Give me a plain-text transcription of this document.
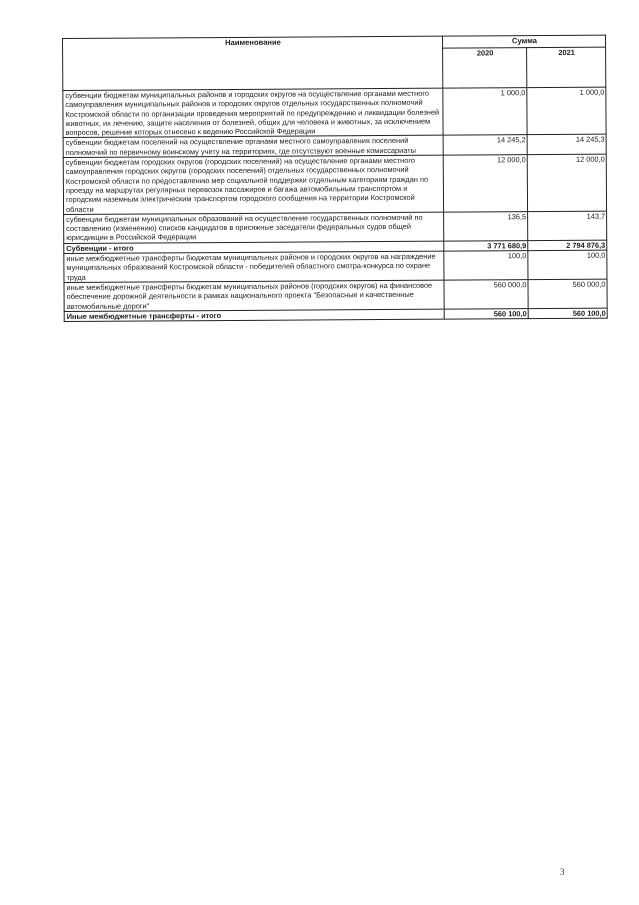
Наименование	Сумма	
	2020	2021
субвенции бюджетам муниципальных районов и городских округов на осуществление органами местного самоуправления муниципальных районов и городских округов отдельных государственных полномочий Костромской области по организации проведения мероприятий по предупреждению и ликвидации болезней животных, их лечению, защите населения от болезней, общих для человека и животных, за исключением вопросов, решение которых отнесено к ведению Российской Федерации	1 000,0	1 000,0
субвенции бюджетам поселений на осуществление органами местного самоуправления поселений полномочий по первичному воинскому учету на территориях, где отсутствуют военные комиссариаты	14 245,2	14 245,3
субвенции бюджетам городских округов (городских поселений) на осуществление органами местного самоуправления городских округов (городских поселений) отдельных государственных полномочий Костромской области по предоставлению мер социальной поддержки отдельным категориям граждан по проезду на маршрутах регулярных перевозок пассажиров и багажа автомобильным транспортом и городским наземным электрическим транспортом городского сообщения на территории Костромской области	12 000,0	12 000,0
субвенции бюджетам муниципальных образований на осуществление государственных полномочий по составлению (изменению) списков кандидатов в присяжные заседатели федеральных судов общей юрисдикции в Российской Федерации	136,5	143,7
Субвенции - итого	3 771 680,9	2 794 876,3
иные межбюджетные трансферты бюджетам муниципальных районов и городских округов на награждение муниципальных образований Костромской области - победителей областного смотра-конкурса по охране труда	100,0	100,0
иные межбюджетные трансферты бюджетам муниципальных районов (городских округов) на финансовое обеспечение дорожной деятельности в рамках национального проекта "Безопасные и качественные автомобильные дороги"	560 000,0	560 000,0
Иные межбюджетные трансферты - итого	560 100,0	560 100,0
3
